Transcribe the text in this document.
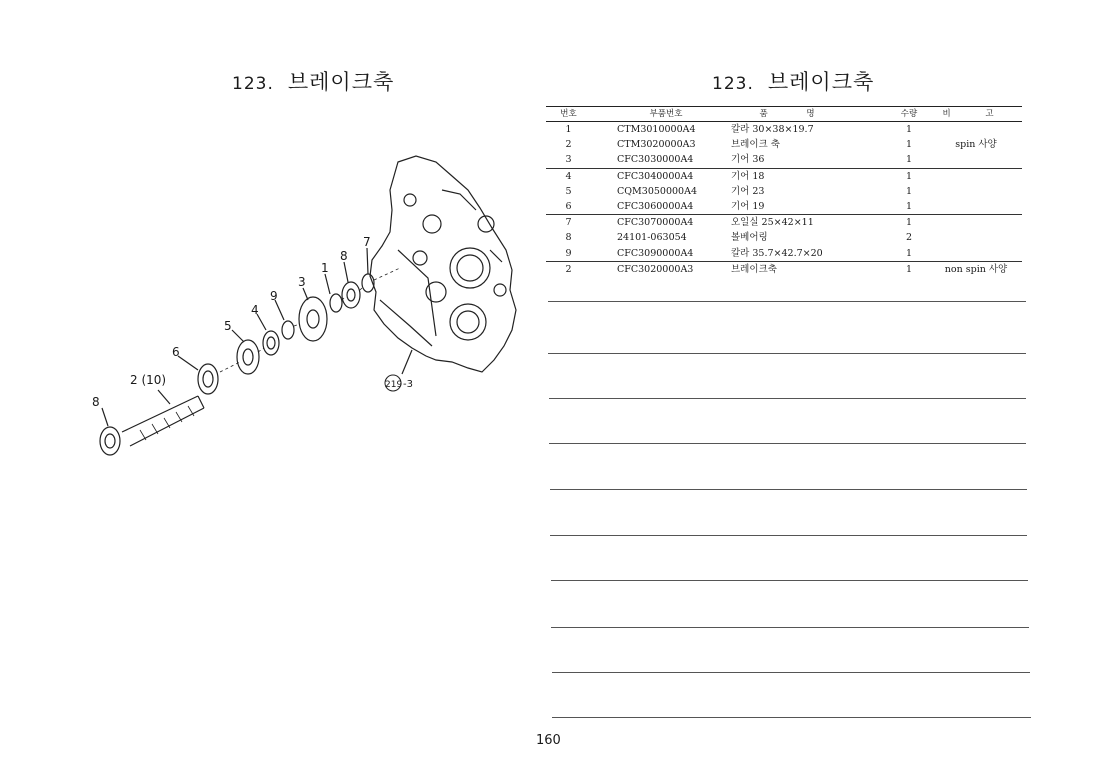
123. 브레이크축
8
2 (10)
6
5
4
9
3
1
8
7
219 -3
123. 브레이크축
번호	부품번호	품 명	수량	비 고
1	CTM3010000A4	칼라 30×38×19.7	1
2	CTM3020000A3	브레이크 축	1	spin 사양
3	CFC3030000A4	기어 36	1
4	CFC3040000A4	기어 18	1
5	CQM3050000A4	기어 23	1
6	CFC3060000A4	기어 19	1
7	CFC3070000A4	오일실 25×42×11	1
8	24101-063054	볼베어링	2
9	CFC3090000A4	칼라 35.7×42.7×20	1
2	CFC3020000A3	브레이크축	1	non spin 사양
160
